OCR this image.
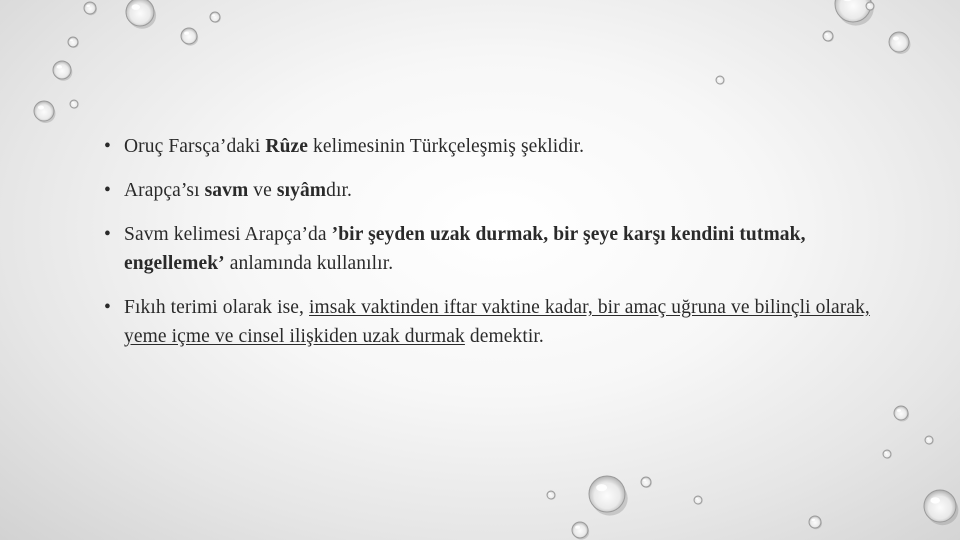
• Oruç Farsça’daki Rûze kelimesinin Türkçeleşmiş şeklidir.
• Arapça’sı savm ve sıyâmdır.
• Savm kelimesi Arapça’da ’bir şeyden uzak durmak, bir şeye karşı kendini tutmak, engellemek’ anlamında kullanılır.
• Fıkıh terimi olarak ise, imsak vaktinden iftar vaktine kadar, bir amaç uğruna ve bilinçli olarak, yeme içme ve cinsel ilişkiden uzak durmak demektir.
